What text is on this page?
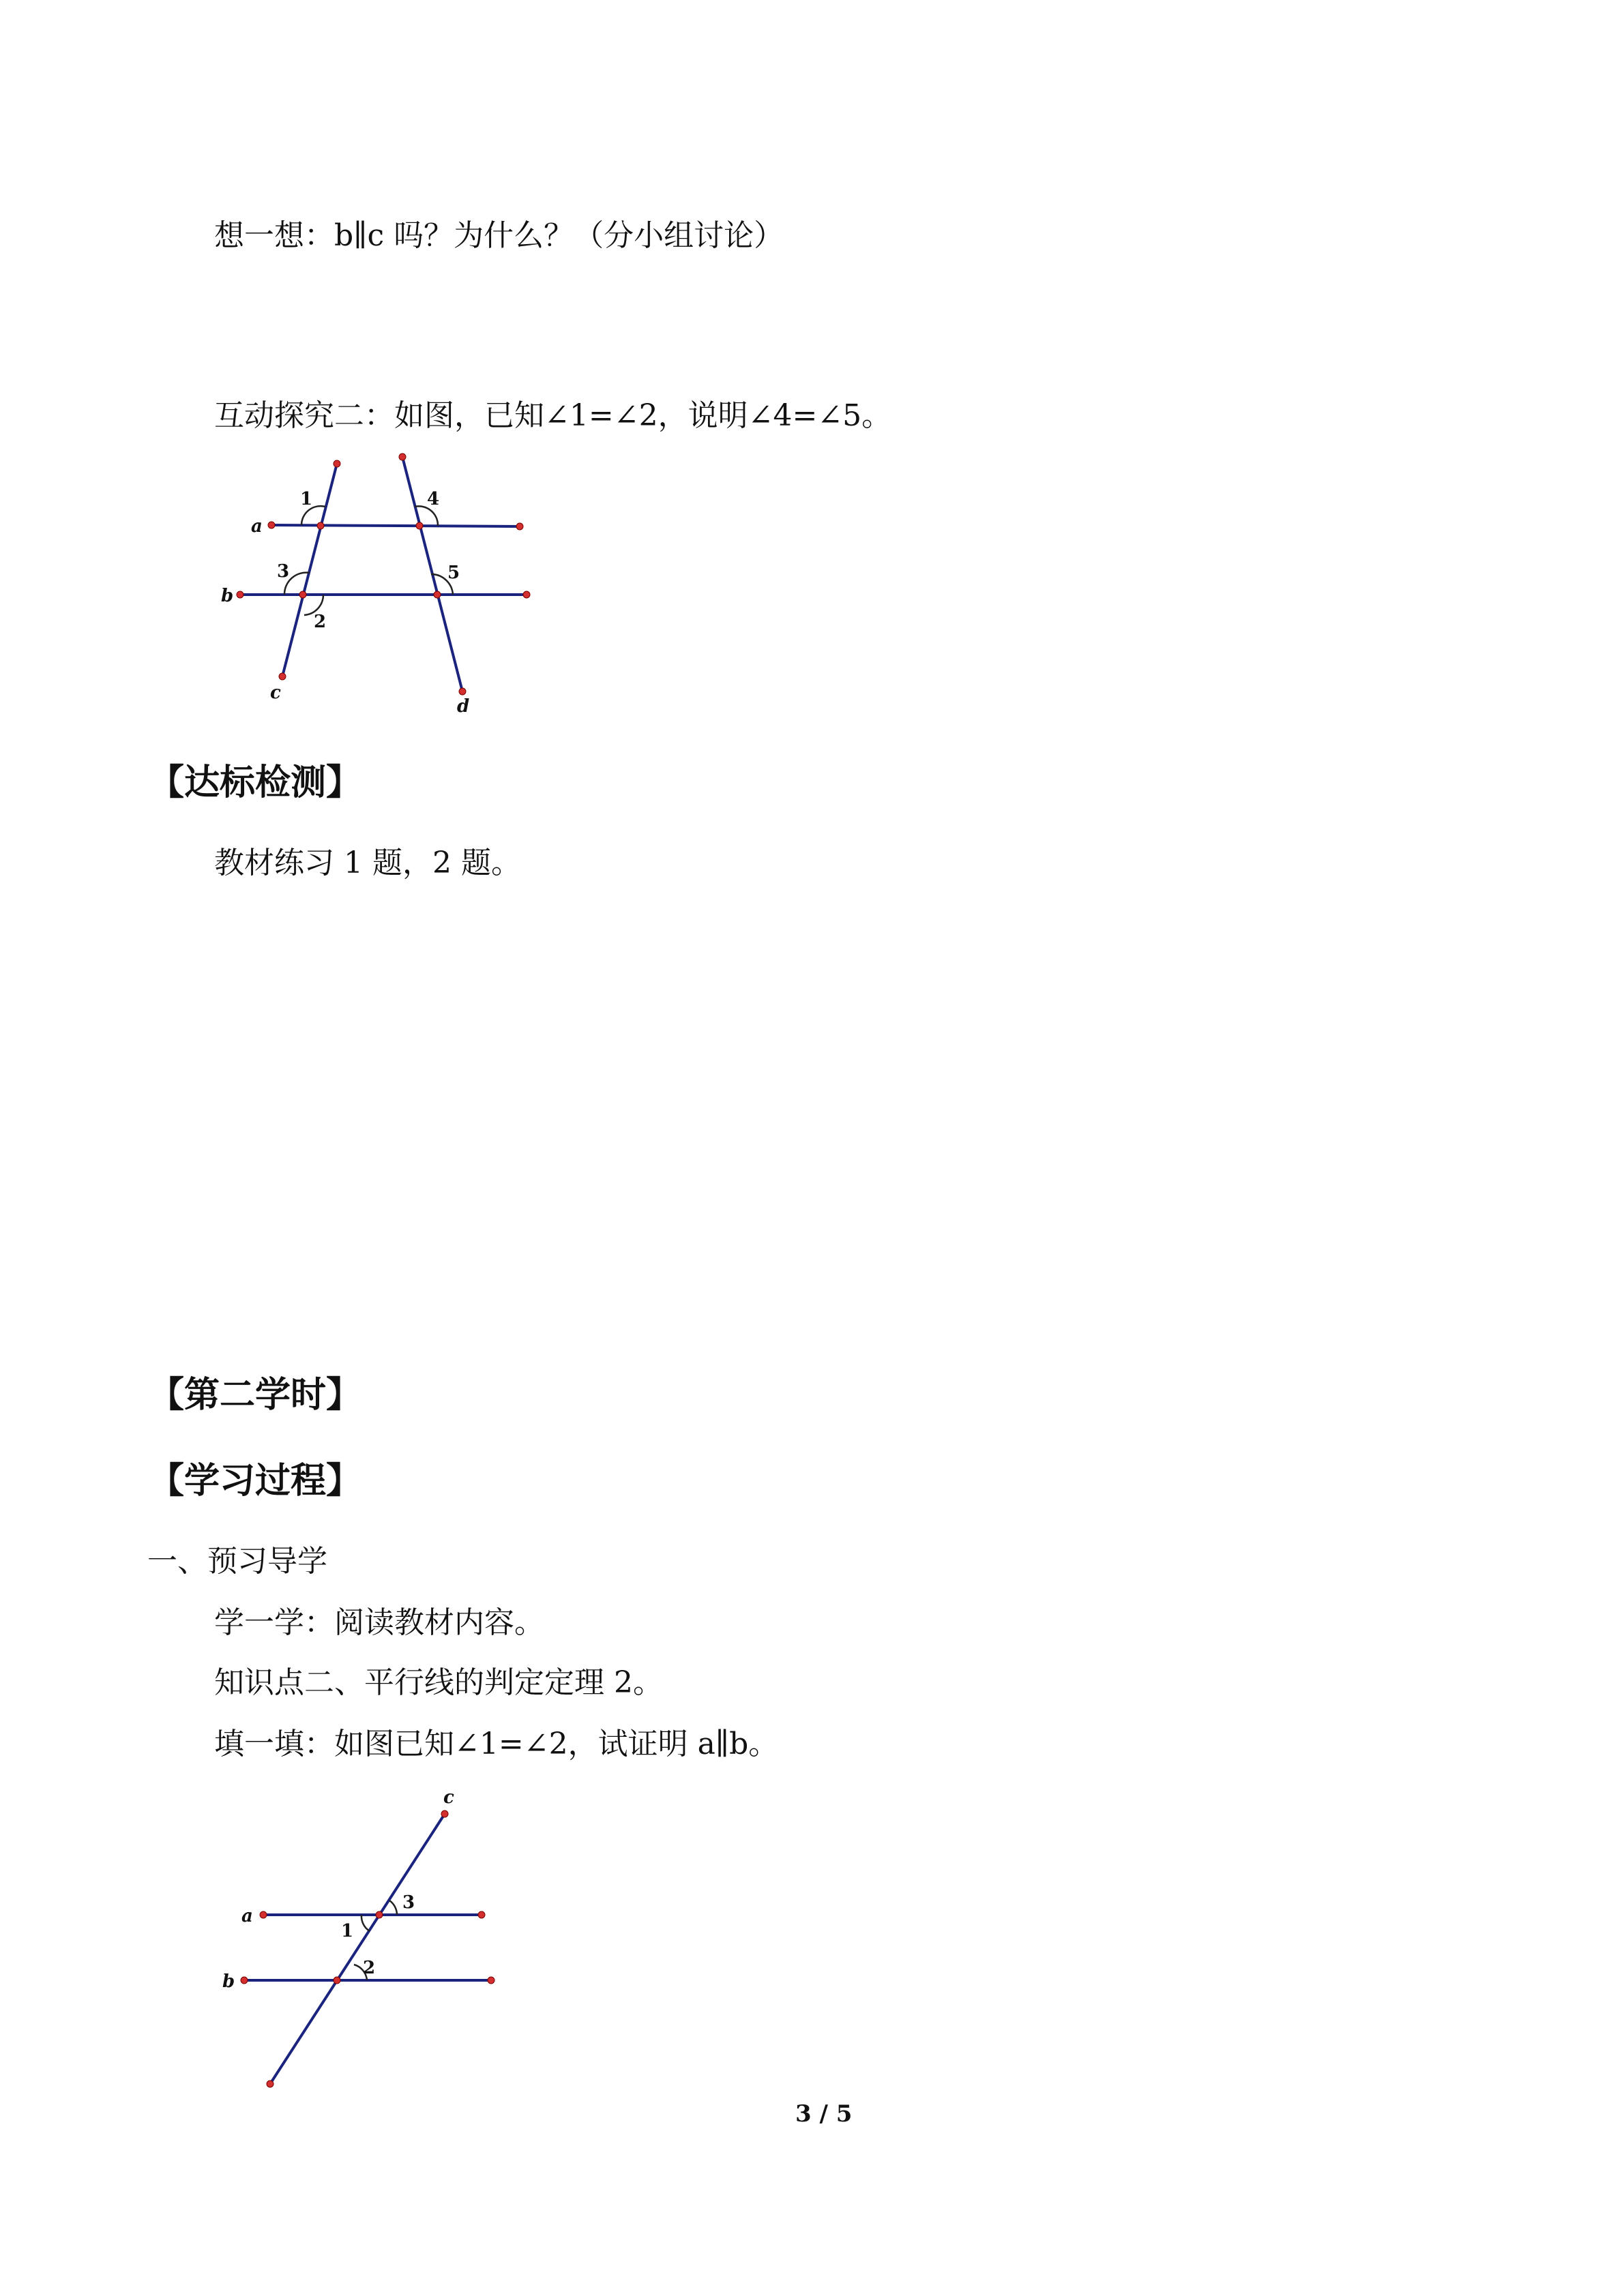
想一想：b∥c 吗？为什么？（分小组讨论）
互动探究二：如图，已知∠1=∠2，说明∠4=∠5。
a
b
c
d
1
2
3
4
5
【达标检测】
教材练习 1 题，2 题。
【第二学时】
【学习过程】
一、预习导学
学一学：阅读教材内容。
知识点二、平行线的判定定理 2。
填一填：如图已知∠1=∠2，试证明 a∥b。
a
b
c
1
2
3
3 / 5
